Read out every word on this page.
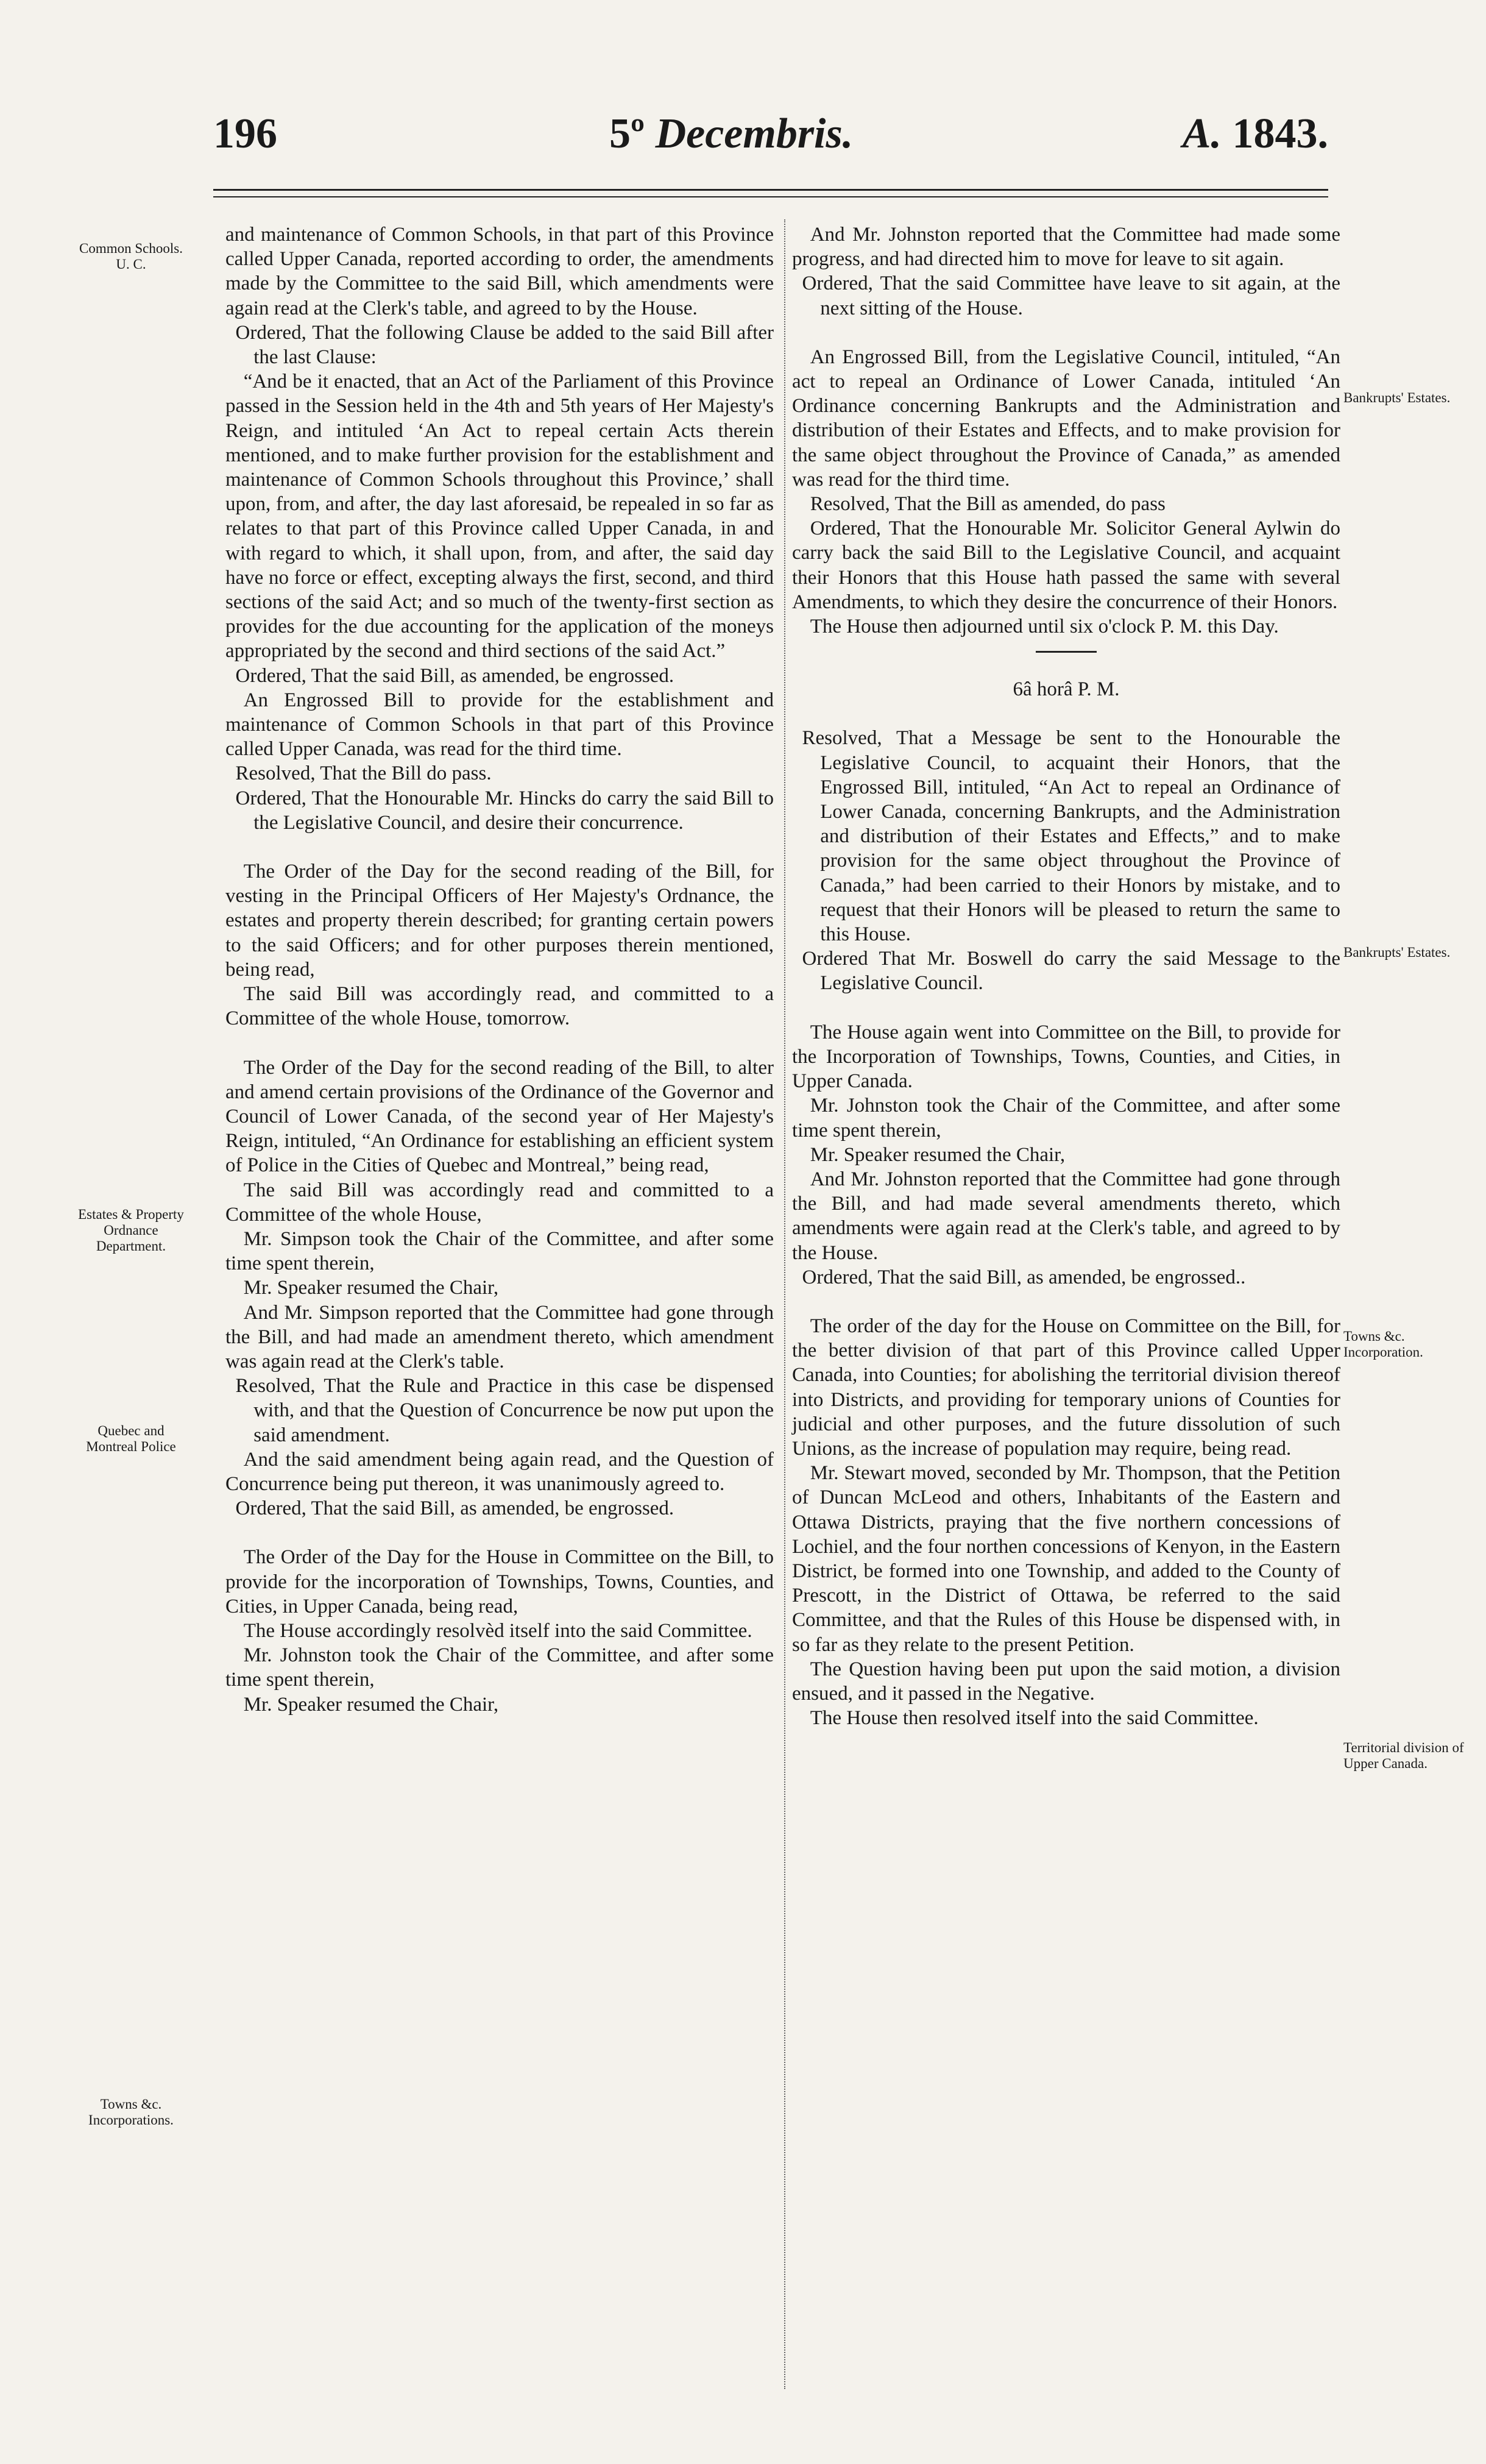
196	5º Decembris.	A. 1843.
Common Schools. U. C.
Estates & Property Ordnance Department.
Quebec and Montreal Police
Towns &c. Incorporations.
Bankrupts' Estates.
Bankrupts' Estates.
Towns &c. Incorporation.
Territorial division of Upper Canada.

and maintenance of Common Schools, in that part of this Province called Upper Canada, reported according to order, the amendments made by the Committee to the said Bill, which amendments were again read at the Clerk's table, and agreed to by the House.

Ordered, That the following Clause be added to the said Bill after the last Clause:

“And be it enacted, that an Act of the Parliament of this Province passed in the Session held in the 4th and 5th years of Her Majesty's Reign, and intituled ‘An Act to repeal certain Acts therein mentioned, and to make further provision for the establishment and maintenance of Common Schools throughout this Province,’ shall upon, from, and after, the day last aforesaid, be repealed in so far as relates to that part of this Province called Upper Canada, in and with regard to which, it shall upon, from, and after, the said day have no force or effect, excepting always the first, second, and third sections of the said Act; and so much of the twenty-first section as provides for the due accounting for the application of the moneys appropriated by the second and third sections of the said Act.”

Ordered, That the said Bill, as amended, be engrossed.

An Engrossed Bill to provide for the establishment and maintenance of Common Schools in that part of this Province called Upper Canada, was read for the third time.

Resolved, That the Bill do pass.

Ordered, That the Honourable Mr. Hincks do carry the said Bill to the Legislative Council, and desire their concurrence.

The Order of the Day for the second reading of the Bill, for vesting in the Principal Officers of Her Majesty's Ordnance, the estates and property therein described; for granting certain powers to the said Officers; and for other purposes therein mentioned, being read,

The said Bill was accordingly read, and committed to a Committee of the whole House, tomorrow.

The Order of the Day for the second reading of the Bill, to alter and amend certain provisions of the Ordinance of the Governor and Council of Lower Canada, of the second year of Her Majesty's Reign, intituled, “An Ordinance for establishing an efficient system of Police in the Cities of Quebec and Montreal,” being read,

The said Bill was accordingly read and committed to a Committee of the whole House,

Mr. Simpson took the Chair of the Committee, and after some time spent therein,

Mr. Speaker resumed the Chair,

And Mr. Simpson reported that the Committee had gone through the Bill, and had made an amendment thereto, which amendment was again read at the Clerk's table.

Resolved, That the Rule and Practice in this case be dispensed with, and that the Question of Concurrence be now put upon the said amendment.

And the said amendment being again read, and the Question of Concurrence being put thereon, it was unanimously agreed to.

Ordered, That the said Bill, as amended, be engrossed.

The Order of the Day for the House in Committee on the Bill, to provide for the incorporation of Townships, Towns, Counties, and Cities, in Upper Canada, being read,

The House accordingly resolvèd itself into the said Committee.

Mr. Johnston took the Chair of the Committee, and after some time spent therein,

Mr. Speaker resumed the Chair,

And Mr. Johnston reported that the Committee had made some progress, and had directed him to move for leave to sit again.

Ordered, That the said Committee have leave to sit again, at the next sitting of the House.

An Engrossed Bill, from the Legislative Council, intituled, “An act to repeal an Ordinance of Lower Canada, intituled ‘An Ordinance concerning Bankrupts and the Administration and distribution of their Estates and Effects, and to make provision for the same object throughout the Province of Canada,” as amended was read for the third time.

Resolved, That the Bill as amended, do pass

Ordered, That the Honourable Mr. Solicitor General Aylwin do carry back the said Bill to the Legislative Council, and acquaint their Honors that this House hath passed the same with several Amendments, to which they desire the concurrence of their Honors.

The House then adjourned until six o'clock P. M. this Day.

6â horâ P. M.

Resolved, That a Message be sent to the Honourable the Legislative Council, to acquaint their Honors, that the Engrossed Bill, intituled, “An Act to repeal an Ordinance of Lower Canada, concerning Bankrupts, and the Administration and distribution of their Estates and Effects,” and to make provision for the same object throughout the Province of Canada,” had been carried to their Honors by mistake, and to request that their Honors will be pleased to return the same to this House.

Ordered That Mr. Boswell do carry the said Message to the Legislative Council.

The House again went into Committee on the Bill, to provide for the Incorporation of Townships, Towns, Counties, and Cities, in Upper Canada.

Mr. Johnston took the Chair of the Committee, and after some time spent therein,

Mr. Speaker resumed the Chair,

And Mr. Johnston reported that the Committee had gone through the Bill, and had made several amendments thereto, which amendments were again read at the Clerk's table, and agreed to by the House.

Ordered, That the said Bill, as amended, be engrossed..

The order of the day for the House on Committee on the Bill, for the better division of that part of this Province called Upper Canada, into Counties; for abolishing the territorial division thereof into Districts, and providing for temporary unions of Counties for judicial and other purposes, and the future dissolution of such Unions, as the increase of population may require, being read.

Mr. Stewart moved, seconded by Mr. Thompson, that the Petition of Duncan McLeod and others, Inhabitants of the Eastern and Ottawa Districts, praying that the five northern concessions of Lochiel, and the four northen concessions of Kenyon, in the Eastern District, be formed into one Township, and added to the County of Prescott, in the District of Ottawa, be referred to the said Committee, and that the Rules of this House be dispensed with, in so far as they relate to the present Petition.

The Question having been put upon the said motion, a division ensued, and it passed in the Negative.

The House then resolved itself into the said Committee.
